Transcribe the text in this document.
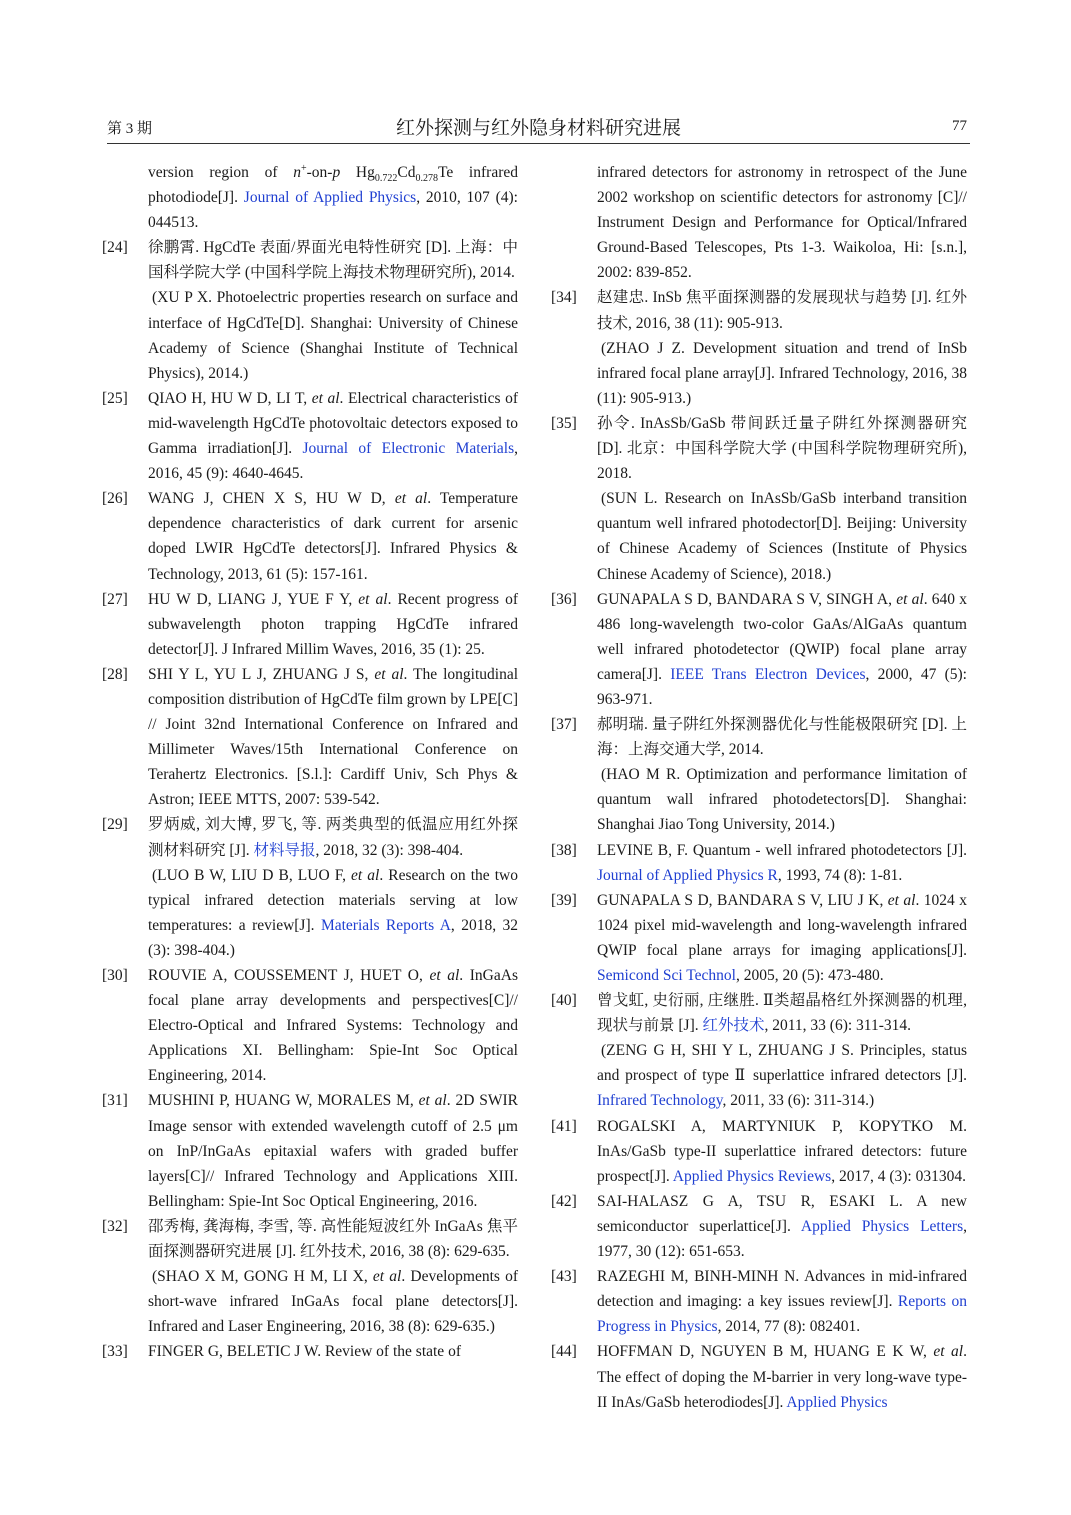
第 3 期	红外探测与红外隐身材料研究进展	77
version region of n+-on-p $Hg_{0.722}Cd_{0.278}Te$ infrared photodiode[J]. Journal of Applied Physics, 2010, 107 (4): 044513.
[24] 徐鹏霄. HgCdTe 表面/界面光电特性研究 [D]. 上海：中国科学院大学 (中国科学院上海技术物理研究所), 2014.
(XU P X. Photoelectric properties research on surface and interface of HgCdTe[D]. Shanghai: University of Chinese Academy of Science (Shanghai Institute of Technical Physics), 2014.)
[25] QIAO H, HU W D, LI T, et al. Electrical characteristics of mid-wavelength HgCdTe photovoltaic detectors exposed to Gamma irradiation[J]. Journal of Electronic Materials, 2016, 45 (9): 4640-4645.
[26] WANG J, CHEN X S, HU W D, et al. Temperature dependence characteristics of dark current for arsenic doped LWIR HgCdTe detectors[J]. Infrared Physics & Technology, 2013, 61 (5): 157-161.
[27] HU W D, LIANG J, YUE F Y, et al. Recent progress of subwavelength photon trapping HgCdTe infrared detector[J]. J Infrared Millim Waves, 2016, 35 (1): 25.
[28] SHI Y L, YU L J, ZHUANG J S, et al. The longitudinal composition distribution of HgCdTe film grown by LPE[C] // Joint 32nd International Conference on Infrared and Millimeter Waves/15th International Conference on Terahertz Electronics. [S.l.]: Cardiff Univ, Sch Phys & Astron; IEEE MTTS, 2007: 539-542.
[29] 罗炳威, 刘大博, 罗飞, 等. 两类典型的低温应用红外探测材料研究 [J]. 材料导报, 2018, 32 (3): 398-404.
(LUO B W, LIU D B, LUO F, et al. Research on the two typical infrared detection materials serving at low temperatures: a review[J]. Materials Reports A, 2018, 32 (3): 398-404.)
[30] ROUVIE A, COUSSEMENT J, HUET O, et al. InGaAs focal plane array developments and perspectives[C]// Electro-Optical and Infrared Systems: Technology and Applications XI. Bellingham: Spie-Int Soc Optical Engineering, 2014.
[31] MUSHINI P, HUANG W, MORALES M, et al. 2D SWIR Image sensor with extended wavelength cutoff of 2.5 μm on InP/InGaAs epitaxial wafers with graded buffer layers[C]// Infrared Technology and Applications XIII. Bellingham: Spie-Int Soc Optical Engineering, 2016.
[32] 邵秀梅, 龚海梅, 李雪, 等. 高性能短波红外 InGaAs 焦平面探测器研究进展 [J]. 红外技术, 2016, 38 (8): 629-635.
(SHAO X M, GONG H M, LI X, et al. Developments of short-wave infrared InGaAs focal plane detectors[J]. Infrared and Laser Engineering, 2016, 38 (8): 629-635.)
[33] FINGER G, BELETIC J W. Review of the state of
infrared detectors for astronomy in retrospect of the June 2002 workshop on scientific detectors for astronomy [C]// Instrument Design and Performance for Optical/Infrared Ground-Based Telescopes, Pts 1-3. Waikoloa, Hi: [s.n.], 2002: 839-852.
[34] 赵建忠. InSb 焦平面探测器的发展现状与趋势 [J]. 红外技术, 2016, 38 (11): 905-913.
(ZHAO J Z. Development situation and trend of InSb infrared focal plane array[J]. Infrared Technology, 2016, 38 (11): 905-913.)
[35] 孙令. InAsSb/GaSb 带间跃迁量子阱红外探测器研究 [D]. 北京：中国科学院大学 (中国科学院物理研究所), 2018.
(SUN L. Research on InAsSb/GaSb interband transition quantum well infrared photodector[D]. Beijing: University of Chinese Academy of Sciences (Institute of Physics Chinese Academy of Science), 2018.)
[36] GUNAPALA S D, BANDARA S V, SINGH A, et al. 640 x 486 long-wavelength two-color GaAs/AlGaAs quantum well infrared photodetector (QWIP) focal plane array camera[J]. IEEE Trans Electron Devices, 2000, 47 (5): 963-971.
[37] 郝明瑞. 量子阱红外探测器优化与性能极限研究 [D]. 上海：上海交通大学, 2014.
(HAO M R. Optimization and performance limitation of quantum wall infrared photodetectors[D]. Shanghai: Shanghai Jiao Tong University, 2014.)
[38] LEVINE B, F. Quantum - well infrared photodetectors [J]. Journal of Applied Physics R, 1993, 74 (8): 1-81.
[39] GUNAPALA S D, BANDARA S V, LIU J K, et al. 1024 x 1024 pixel mid-wavelength and long-wavelength infrared QWIP focal plane arrays for imaging applications[J]. Semicond Sci Technol, 2005, 20 (5): 473-480.
[40] 曾戈虹, 史衍丽, 庄继胜. Ⅱ类超晶格红外探测器的机理, 现状与前景 [J]. 红外技术, 2011, 33 (6): 311-314.
(ZENG G H, SHI Y L, ZHUANG J S. Principles, status and prospect of type Ⅱ superlattice infrared detectors [J]. Infrared Technology, 2011, 33 (6): 311-314.)
[41] ROGALSKI A, MARTYNIUK P, KOPYTKO M. InAs/GaSb type-II superlattice infrared detectors: future prospect[J]. Applied Physics Reviews, 2017, 4 (3): 031304.
[42] SAI-HALASZ G A, TSU R, ESAKI L. A new semiconductor superlattice[J]. Applied Physics Letters, 1977, 30 (12): 651-653.
[43] RAZEGHI M, BINH-MINH N. Advances in mid-infrared detection and imaging: a key issues review[J]. Reports on Progress in Physics, 2014, 77 (8): 082401.
[44] HOFFMAN D, NGUYEN B M, HUANG E K W, et al. The effect of doping the M-barrier in very long-wave type-II InAs/GaSb heterodiodes[J]. Applied Physics
